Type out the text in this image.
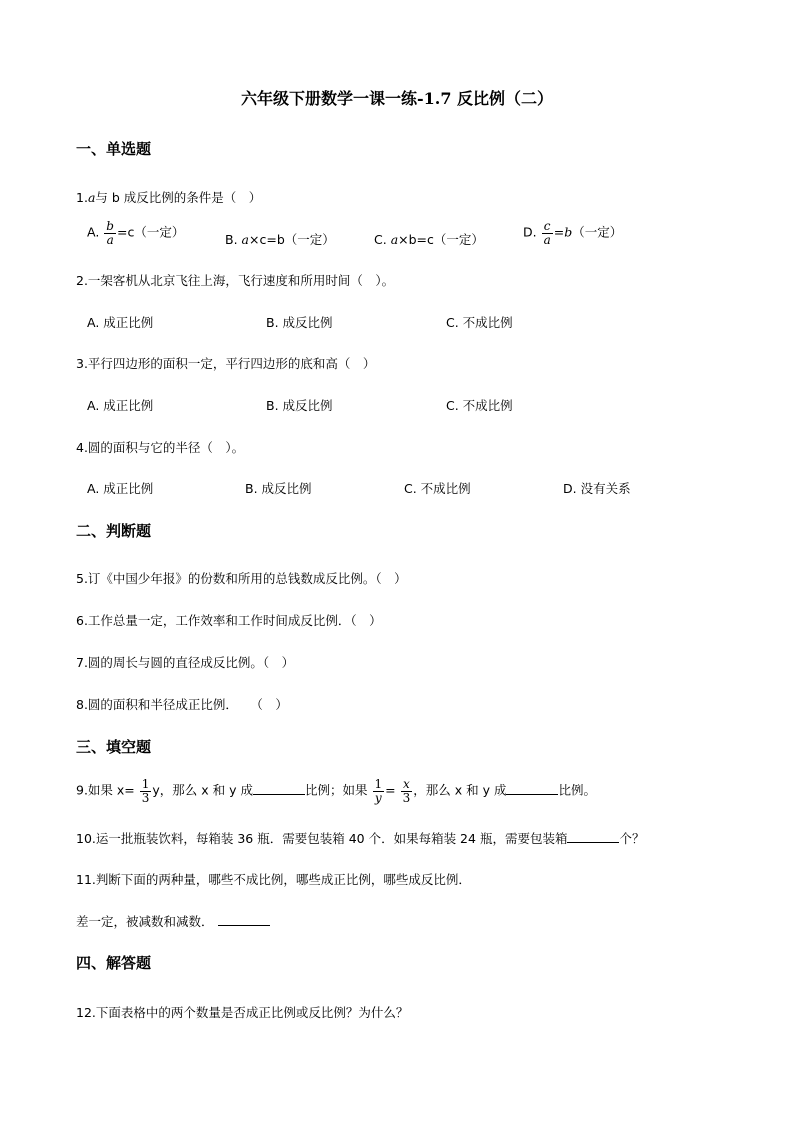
六年级下册数学一课一练-1.7 反比例（二）
一、单选题
1.a与 b 成反比例的条件是（　）
A. $\frac{b}{a} =c$（一定）	B. a×c=b（一定）	C. a×b=c（一定）	D. $\frac{c}{a} =b$（一定）
2.一架客机从北京飞往上海，飞行速度和所用时间（　）。
A. 成正比例	B. 成反比例	C. 不成比例
3.平行四边形的面积一定，平行四边形的底和高（　）
A. 成正比例	B. 成反比例	C. 不成比例
4.圆的面积与它的半径（　）。
A. 成正比例	B. 成反比例	C. 不成比例	D. 没有关系
二、判断题
5.订《中国少年报》的份数和所用的总钱数成反比例。（　）
6.工作总量一定，工作效率和工作时间成反比例．（　）
7.圆的周长与圆的直径成反比例。（　）
8.圆的面积和半径成正比例．　　（　）
三、填空题
9.如果 $x= \frac{1}{3}$ y，那么 x 和 y 成	比例；如果 $\frac{1}{y} = \frac{x}{3}$ ，那么 x 和 y 成	比例。
10.运一批瓶装饮料，每箱装 36 瓶．需要包装箱 40 个．如果每箱装 24 瓶，需要包装箱	个？
11.判断下面的两种量，哪些不成比例，哪些成正比例，哪些成反比例．
差一定，被减数和减数．
四、解答题
12.下面表格中的两个数量是否成正比例或反比例？为什么？
